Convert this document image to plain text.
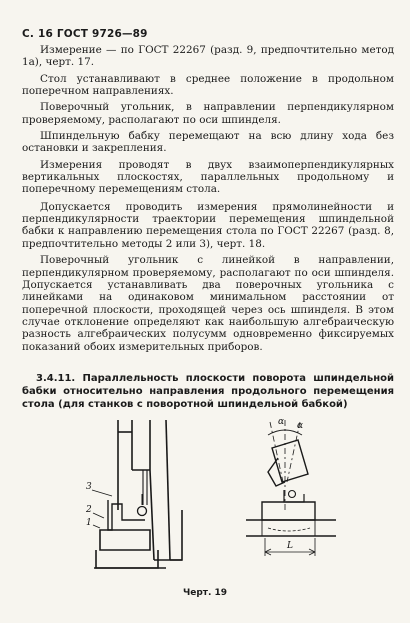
С. 16 ГОСТ 9726—89

Измерение — по ГОСТ 22267 (разд. 9, предпочтительно метод 1а), черт. 17.

Стол устанавливают в среднее положение в продольном поперечном направлениях.

Поверочный угольник, в направлении перпендикулярном проверяемому, располагают по оси шпинделя.

Шпиндельную бабку перемещают на всю длину хода без остановки и закрепления.

Измерения проводят в двух взаимоперпендикулярных вертикальных плоскостях, параллельных продольному и поперечному перемещениям стола.

Допускается проводить измерения прямолинейности и перпендикулярности траектории перемещения шпиндельной бабки к направлению перемещения стола по ГОСТ 22267 (разд. 8, предпочтительно методы 2 или 3), черт. 18.

Поверочный угольник с линейкой в направлении, перпендикулярном проверяемому, располагают по оси шпинделя. Допускается устанавливать два поверочных угольника с линейками на одинаковом минимальном расстоянии от поперечной плоскости, проходящей через ось шпинделя. В этом случае отклонение определяют как наибольшую алгебраическую разность алгебраических полусумм одновременно фиксируемых показаний обоих измерительных приборов.

3.4.11. Параллельность плоскости поворота шпиндельной бабки относительно направления продольного перемещения стола (для станков с поворотной шпиндельной бабкой)
3
2
1
L
α α
Черт. 19
